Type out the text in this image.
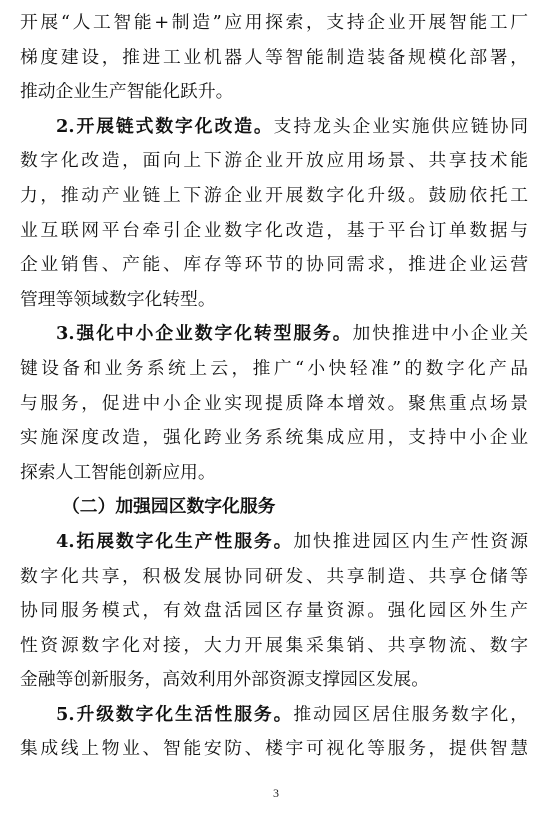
开展“人工智能+制造”应用探索，支持企业开展智能工厂
梯度建设，推进工业机器人等智能制造装备规模化部署，
推动企业生产智能化跃升。
2.开展链式数字化改造。支持龙头企业实施供应链协同
数字化改造，面向上下游企业开放应用场景、共享技术能
力，推动产业链上下游企业开展数字化升级。鼓励依托工
业互联网平台牵引企业数字化改造，基于平台订单数据与
企业销售、产能、库存等环节的协同需求，推进企业运营
管理等领域数字化转型。
3.强化中小企业数字化转型服务。加快推进中小企业关
键设备和业务系统上云，推广“小快轻准”的数字化产品
与服务，促进中小企业实现提质降本增效。聚焦重点场景
实施深度改造，强化跨业务系统集成应用，支持中小企业
探索人工智能创新应用。
（二）加强园区数字化服务
4.拓展数字化生产性服务。加快推进园区内生产性资源
数字化共享，积极发展协同研发、共享制造、共享仓储等
协同服务模式，有效盘活园区存量资源。强化园区外生产
性资源数字化对接，大力开展集采集销、共享物流、数字
金融等创新服务，高效利用外部资源支撑园区发展。
5.升级数字化生活性服务。推动园区居住服务数字化，
集成线上物业、智能安防、楼宇可视化等服务，提供智慧
3
